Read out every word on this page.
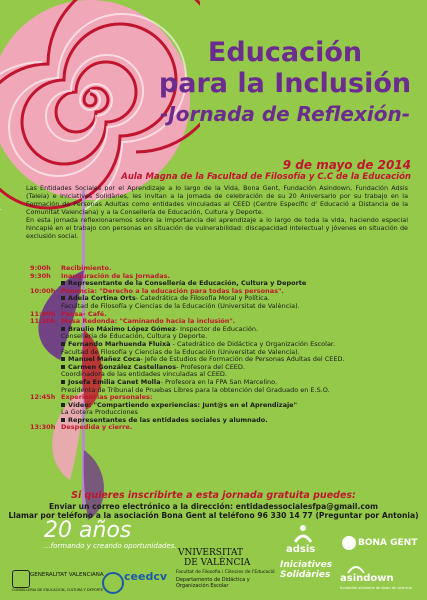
Educación
para la Inclusión
-Jornada de Reflexión-
9 de mayo de 2014
Aula Magna de la Facultad de Filosofía y C.C de la Educación

Las Entidades Sociales por el Aprendizaje a lo largo de la Vida, Bona Gent, Fundación Asindown, Fundación Adsis (Taleia) e Iniciatives Solidàries, les invitan a la jornada de celebración de su 20 Aniversario por su trabajo en la Formación de Personas Adultas como entidades vinculadas al CEED (Centre Específic d' Educació a Distancia de la Comunitat Valenciana) y a la Consellería de Educación, Cultura y Deporte.

En esta jornada reflexionaremos sobre la importancia del aprendizaje a lo largo de toda la vida, haciendo especial hincapié en el trabajo con personas en situación de vulnerabilidad: discapacidad intelectual y jóvenes en situación de exclusión social.

9:00h	Recibimiento.
9:30h	Inauguración de las Jornadas.
Representante de la Consellería de Educación, Cultura y Deporte
10:00h Ponencia: "Derecho a la educación para todas las personas".
Adela Cortina Orts- Catedrática de Filosofía Moral y Política.
Facultad de Filosofía y Ciencias de la Educación (Universitat de València).
11:00h Pausa- Café.
11:20h Mesa Redonda: "Caminando hacia la inclusión".
Braulio Máximo López Gómez- Inspector de Educación.
Conselleria de Educación, Cultura y Deporte.
Fernando Marhuenda Fluixà - Catedrático de Didáctica y Organización Escolar.
Facultad de Filosofía y Ciencias de la Educación (Universitat de Valencia).
Manuel Mañez Coca- Jefe de Estudios de Formación de Personas Adultas del CEED.
Carmen González Castellanos- Profesora del CEED.
Coordinadora de las entidades vinculadas al CEED.
Josefa Emilia Canet Molla- Profesora en la FPA San Marcelino.
Presidenta de Tribunal de Pruebas Libres para la obtención del Graduado en E.S.O.
12:45h Experiencias personales:
Vídeo: "Compartiendo experiencias: Junt@s en el Aprendizaje"
La Gotera Producciones
Representantes de las entidades sociales y alumnado.
13:30h Despedida y cierre.
Si quieres inscribirte a esta jornada gratuita puedes:
Enviar un correo electrónico a la dirección: entidadessocialesfpa@gmail.com
Llamar por teléfono a la asociación Bona Gent al teléfono 96 330 14 77 (Preguntar por Antonia)
20 años
...formando y creando oportunidades.
GENERALITAT VALENCIANA
CONSELLERIA DE EDUCACIÓN, CULTURA Y DEPORTE
ceedcv
VNIVERSITAT
DE VALÈNCIA
Facultat de Filosofia i Ciències de l'Educació
Departamento de Didáctica y Organización Escolar
adsis
BONA GENT
Iniciatives Solidàries asindown
fundación síndrome de down de valencia
